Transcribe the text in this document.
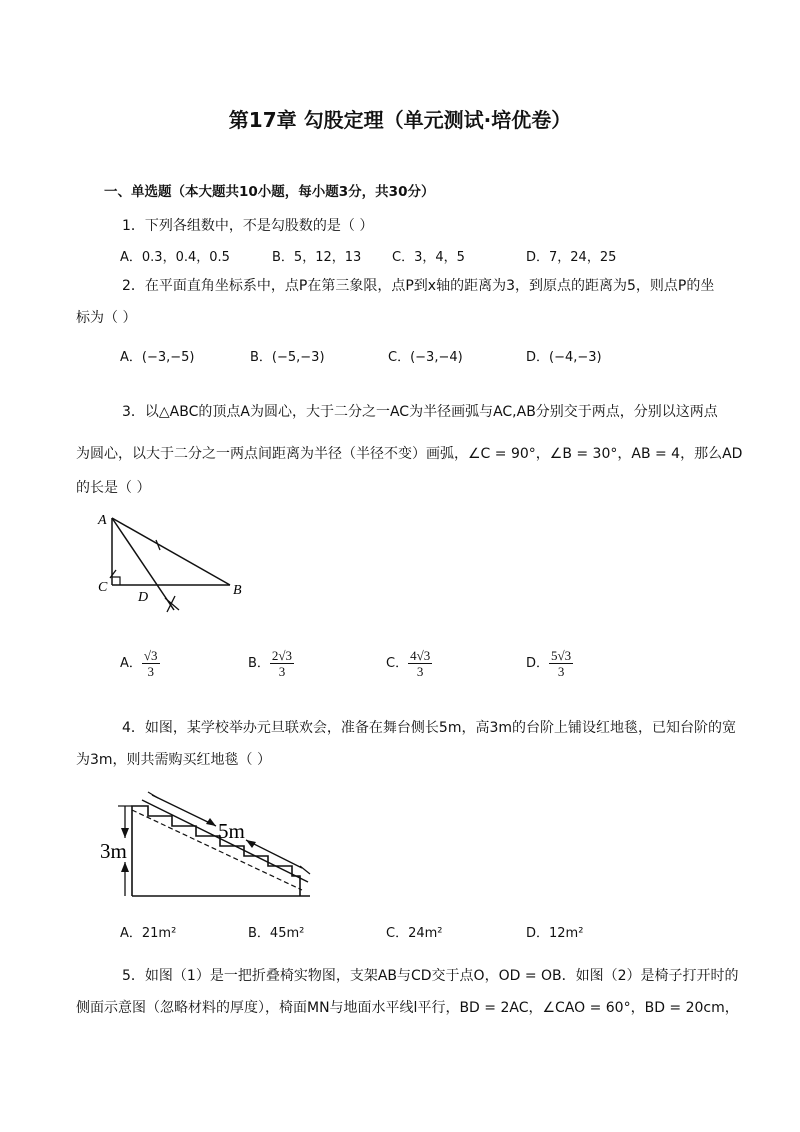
第17章 勾股定理（单元测试·培优卷）
一、单选题（本大题共10小题，每小题3分，共30分）
1．下列各组数中，不是勾股数的是（ ）
A．0.3，0.4，0.5	B．5，12，13 C．3，4，5	D．7，24，25
2．在平面直角坐标系中，点P在第三象限，点P到x轴的距离为3，到原点的距离为5，则点P的坐
标为（ ）
A．(−3,−5)	B．(−5,−3)	C．(−3,−4)	D．(−4,−3)
3．以△ABC的顶点A为圆心，大于二分之一AC为半径画弧与AC,AB分别交于两点，分别以这两点
为圆心，以大于二分之一两点间距离为半径（半径不变）画弧，∠C = 90°，∠B = 30°，AB = 4，那么AD
的长是（ ）
A
B
C
D
A． $\frac{√3}{3}$	B． $\frac{2√3}{3}$	C． $\frac{4√3}{3}$	D． $\frac{5√3}{3}$
4．如图，某学校举办元旦联欢会，准备在舞台侧长5m，高3m的台阶上铺设红地毯，已知台阶的宽
为3m，则共需购买红地毯（ ）
3m
5m
A．21m²	B．45m²	C．24m²	D．12m²
5．如图（1）是一把折叠椅实物图，支架AB与CD交于点O，OD = OB．如图（2）是椅子打开时的
侧面示意图（忽略材料的厚度），椅面MN与地面水平线l平行，BD = 2AC，∠CAO = 60°，BD = 20cm，
